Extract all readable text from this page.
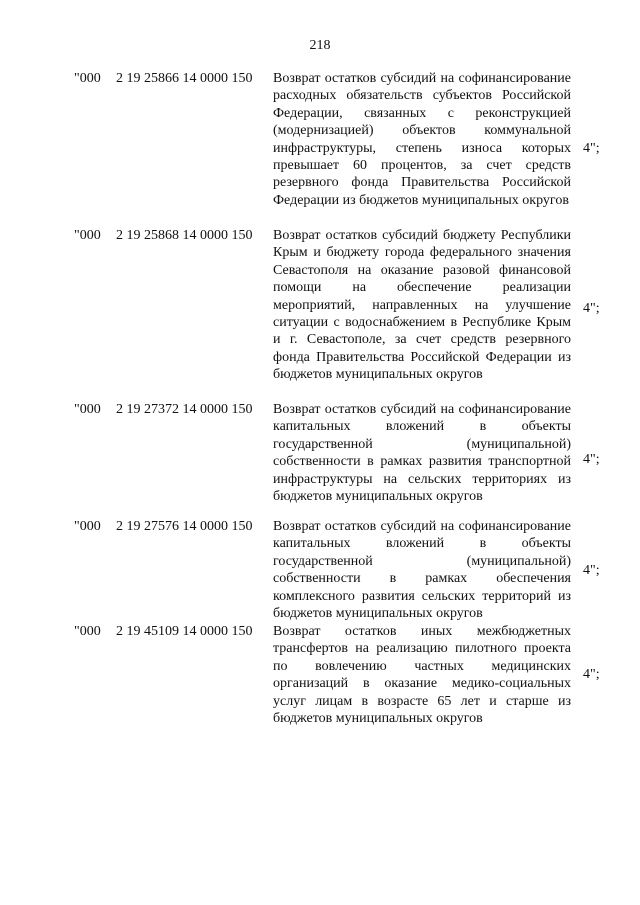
218
"000 2 19 25866 14 0000 150 Возврат остатков субсидий на софинансирование расходных обязательств субъектов Российской Федерации, связанных с реконструкцией (модернизацией) объектов коммунальной инфраструктуры, степень износа которых превышает 60 процентов, за счет средств резервного фонда Правительства Российской Федерации из бюджетов муниципальных округов
4";
"000 2 19 25868 14 0000 150 Возврат остатков субсидий бюджету Республики Крым и бюджету города федерального значения Севастополя на оказание разовой финансовой помощи на обеспечение реализации мероприятий, направленных на улучшение ситуации с водоснабжением в Республике Крым и г. Севастополе, за счет средств резервного фонда Правительства Российской Федерации из бюджетов муниципальных округов
4";
"000 2 19 27372 14 0000 150 Возврат остатков субсидий на софинансирование капитальных вложений в объекты государственной (муниципальной) собственности в рамках развития транспортной инфраструктуры на сельских территориях из бюджетов муниципальных округов
4";
"000 2 19 27576 14 0000 150 Возврат остатков субсидий на софинансирование капитальных вложений в объекты государственной (муниципальной) собственности в рамках обеспечения комплексного развития сельских территорий из бюджетов муниципальных округов
4";
"000 2 19 45109 14 0000 150 Возврат остатков иных межбюджетных трансфертов на реализацию пилотного проекта по вовлечению частных медицинских организаций в оказание медико-социальных услуг лицам в возрасте 65 лет и старше из бюджетов муниципальных округов
4";
